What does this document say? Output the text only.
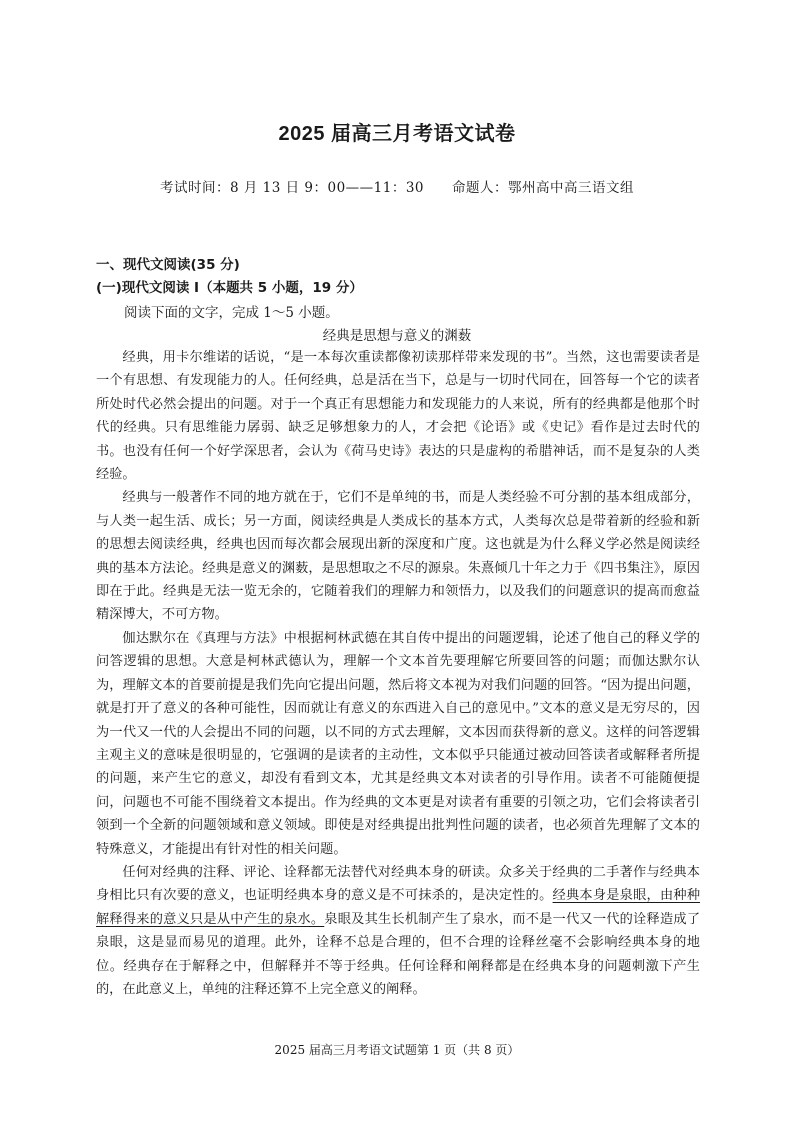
2025 届高三月考语文试卷
考试时间：8 月 13 日 9：00——11：30　　命题人：鄂州高中高三语文组
一、现代文阅读(35 分)
(一)现代文阅读 I（本题共 5 小题，19 分）
阅读下面的文字，完成 1～5 小题。
经典是思想与意义的渊薮

经典，用卡尔维诺的话说，“是一本每次重读都像初读那样带来发现的书”。当然，这也需要读者是一个有思想、有发现能力的人。任何经典，总是活在当下，总是与一切时代同在，回答每一个它的读者所处时代必然会提出的问题。对于一个真正有思想能力和发现能力的人来说，所有的经典都是他那个时代的经典。只有思维能力孱弱、缺乏足够想象力的人，才会把《论语》或《史记》看作是过去时代的书。也没有任何一个好学深思者，会认为《荷马史诗》表达的只是虚构的希腊神话，而不是复杂的人类经验。

经典与一般著作不同的地方就在于，它们不是单纯的书，而是人类经验不可分割的基本组成部分，与人类一起生活、成长；另一方面，阅读经典是人类成长的基本方式，人类每次总是带着新的经验和新的思想去阅读经典，经典也因而每次都会展现出新的深度和广度。这也就是为什么释义学必然是阅读经典的基本方法论。经典是意义的渊薮，是思想取之不尽的源泉。朱熹倾几十年之力于《四书集注》，原因即在于此。经典是无法一览无余的，它随着我们的理解力和领悟力，以及我们的问题意识的提高而愈益精深博大，不可方物。

伽达默尔在《真理与方法》中根据柯林武德在其自传中提出的问题逻辑，论述了他自己的释义学的问答逻辑的思想。大意是柯林武德认为，理解一个文本首先要理解它所要回答的问题；而伽达默尔认为，理解文本的首要前提是我们先向它提出问题，然后将文本视为对我们问题的回答。“因为提出问题，就是打开了意义的各种可能性，因而就让有意义的东西进入自己的意见中。”文本的意义是无穷尽的，因为一代又一代的人会提出不同的问题，以不同的方式去理解，文本因而获得新的意义。这样的问答逻辑主观主义的意味是很明显的，它强调的是读者的主动性，文本似乎只能通过被动回答读者或解释者所提的问题，来产生它的意义，却没有看到文本，尤其是经典文本对读者的引导作用。读者不可能随便提问，问题也不可能不围绕着文本提出。作为经典的文本更是对读者有重要的引领之功，它们会将读者引领到一个全新的问题领域和意义领域。即使是对经典提出批判性问题的读者，也必须首先理解了文本的特殊意义，才能提出有针对性的相关问题。

任何对经典的注释、评论、诠释都无法替代对经典本身的研读。众多关于经典的二手著作与经典本身相比只有次要的意义，也证明经典本身的意义是不可抹杀的，是决定性的。经典本身是泉眼，由种种解释得来的意义只是从中产生的泉水。泉眼及其生长机制产生了泉水，而不是一代又一代的诠释造成了泉眼，这是显而易见的道理。此外，诠释不总是合理的，但不合理的诠释丝毫不会影响经典本身的地位。经典存在于解释之中，但解释并不等于经典。任何诠释和阐释都是在经典本身的问题刺激下产生的，在此意义上，单纯的注释还算不上完全意义的阐释。

2025 届高三月考语文试题第 1 页（共 8 页）
